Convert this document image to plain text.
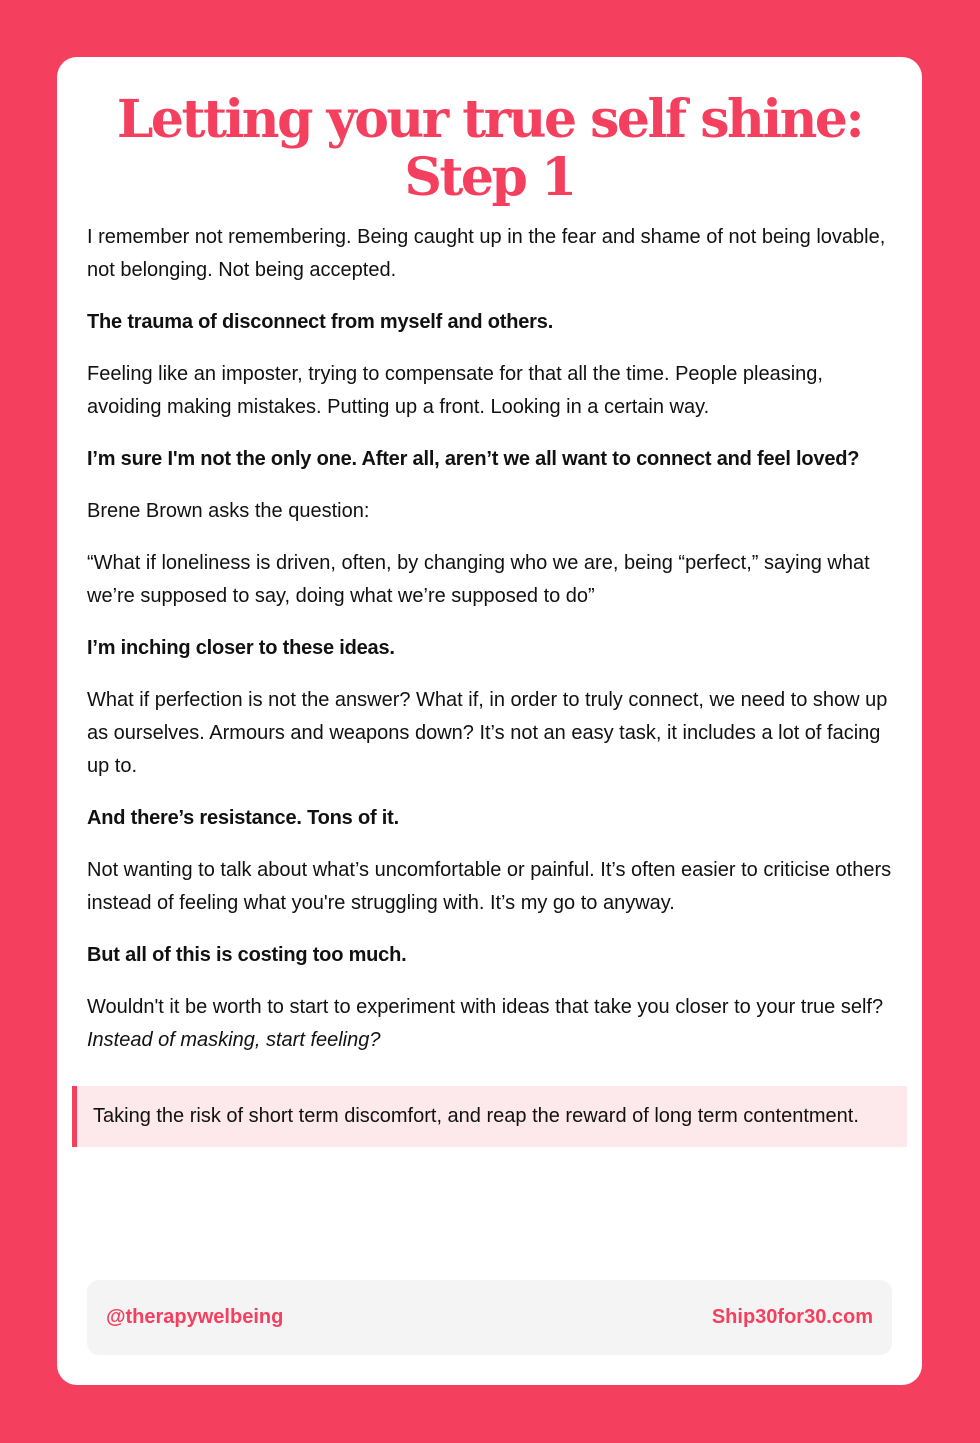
Letting your true self shine:
Step 1

I remember not remembering. Being caught up in the fear and shame of not being lovable, not belonging. Not being accepted.

The trauma of disconnect from myself and others.

Feeling like an imposter, trying to compensate for that all the time. People pleasing, avoiding making mistakes. Putting up a front. Looking in a certain way.

I’m sure I'm not the only one. After all, aren’t we all want to connect and feel loved?

Brene Brown asks the question:

“What if loneliness is driven, often, by changing who we are, being “perfect,” saying what we’re supposed to say, doing what we’re supposed to do”

I’m inching closer to these ideas.

What if perfection is not the answer? What if, in order to truly connect, we need to show up as ourselves. Armours and weapons down? It’s not an easy task, it includes a lot of facing up to.

And there’s resistance. Tons of it.

Not wanting to talk about what’s uncomfortable or painful. It’s often easier to criticise others instead of feeling what you're struggling with. It’s my go to anyway.

But all of this is costing too much.

Wouldn't it be worth to start to experiment with ideas that take you closer to your true self? Instead of masking, start feeling?

Taking the risk of short term discomfort, and reap the reward of long term contentment.
@therapywelbeing	Ship30for30.com
